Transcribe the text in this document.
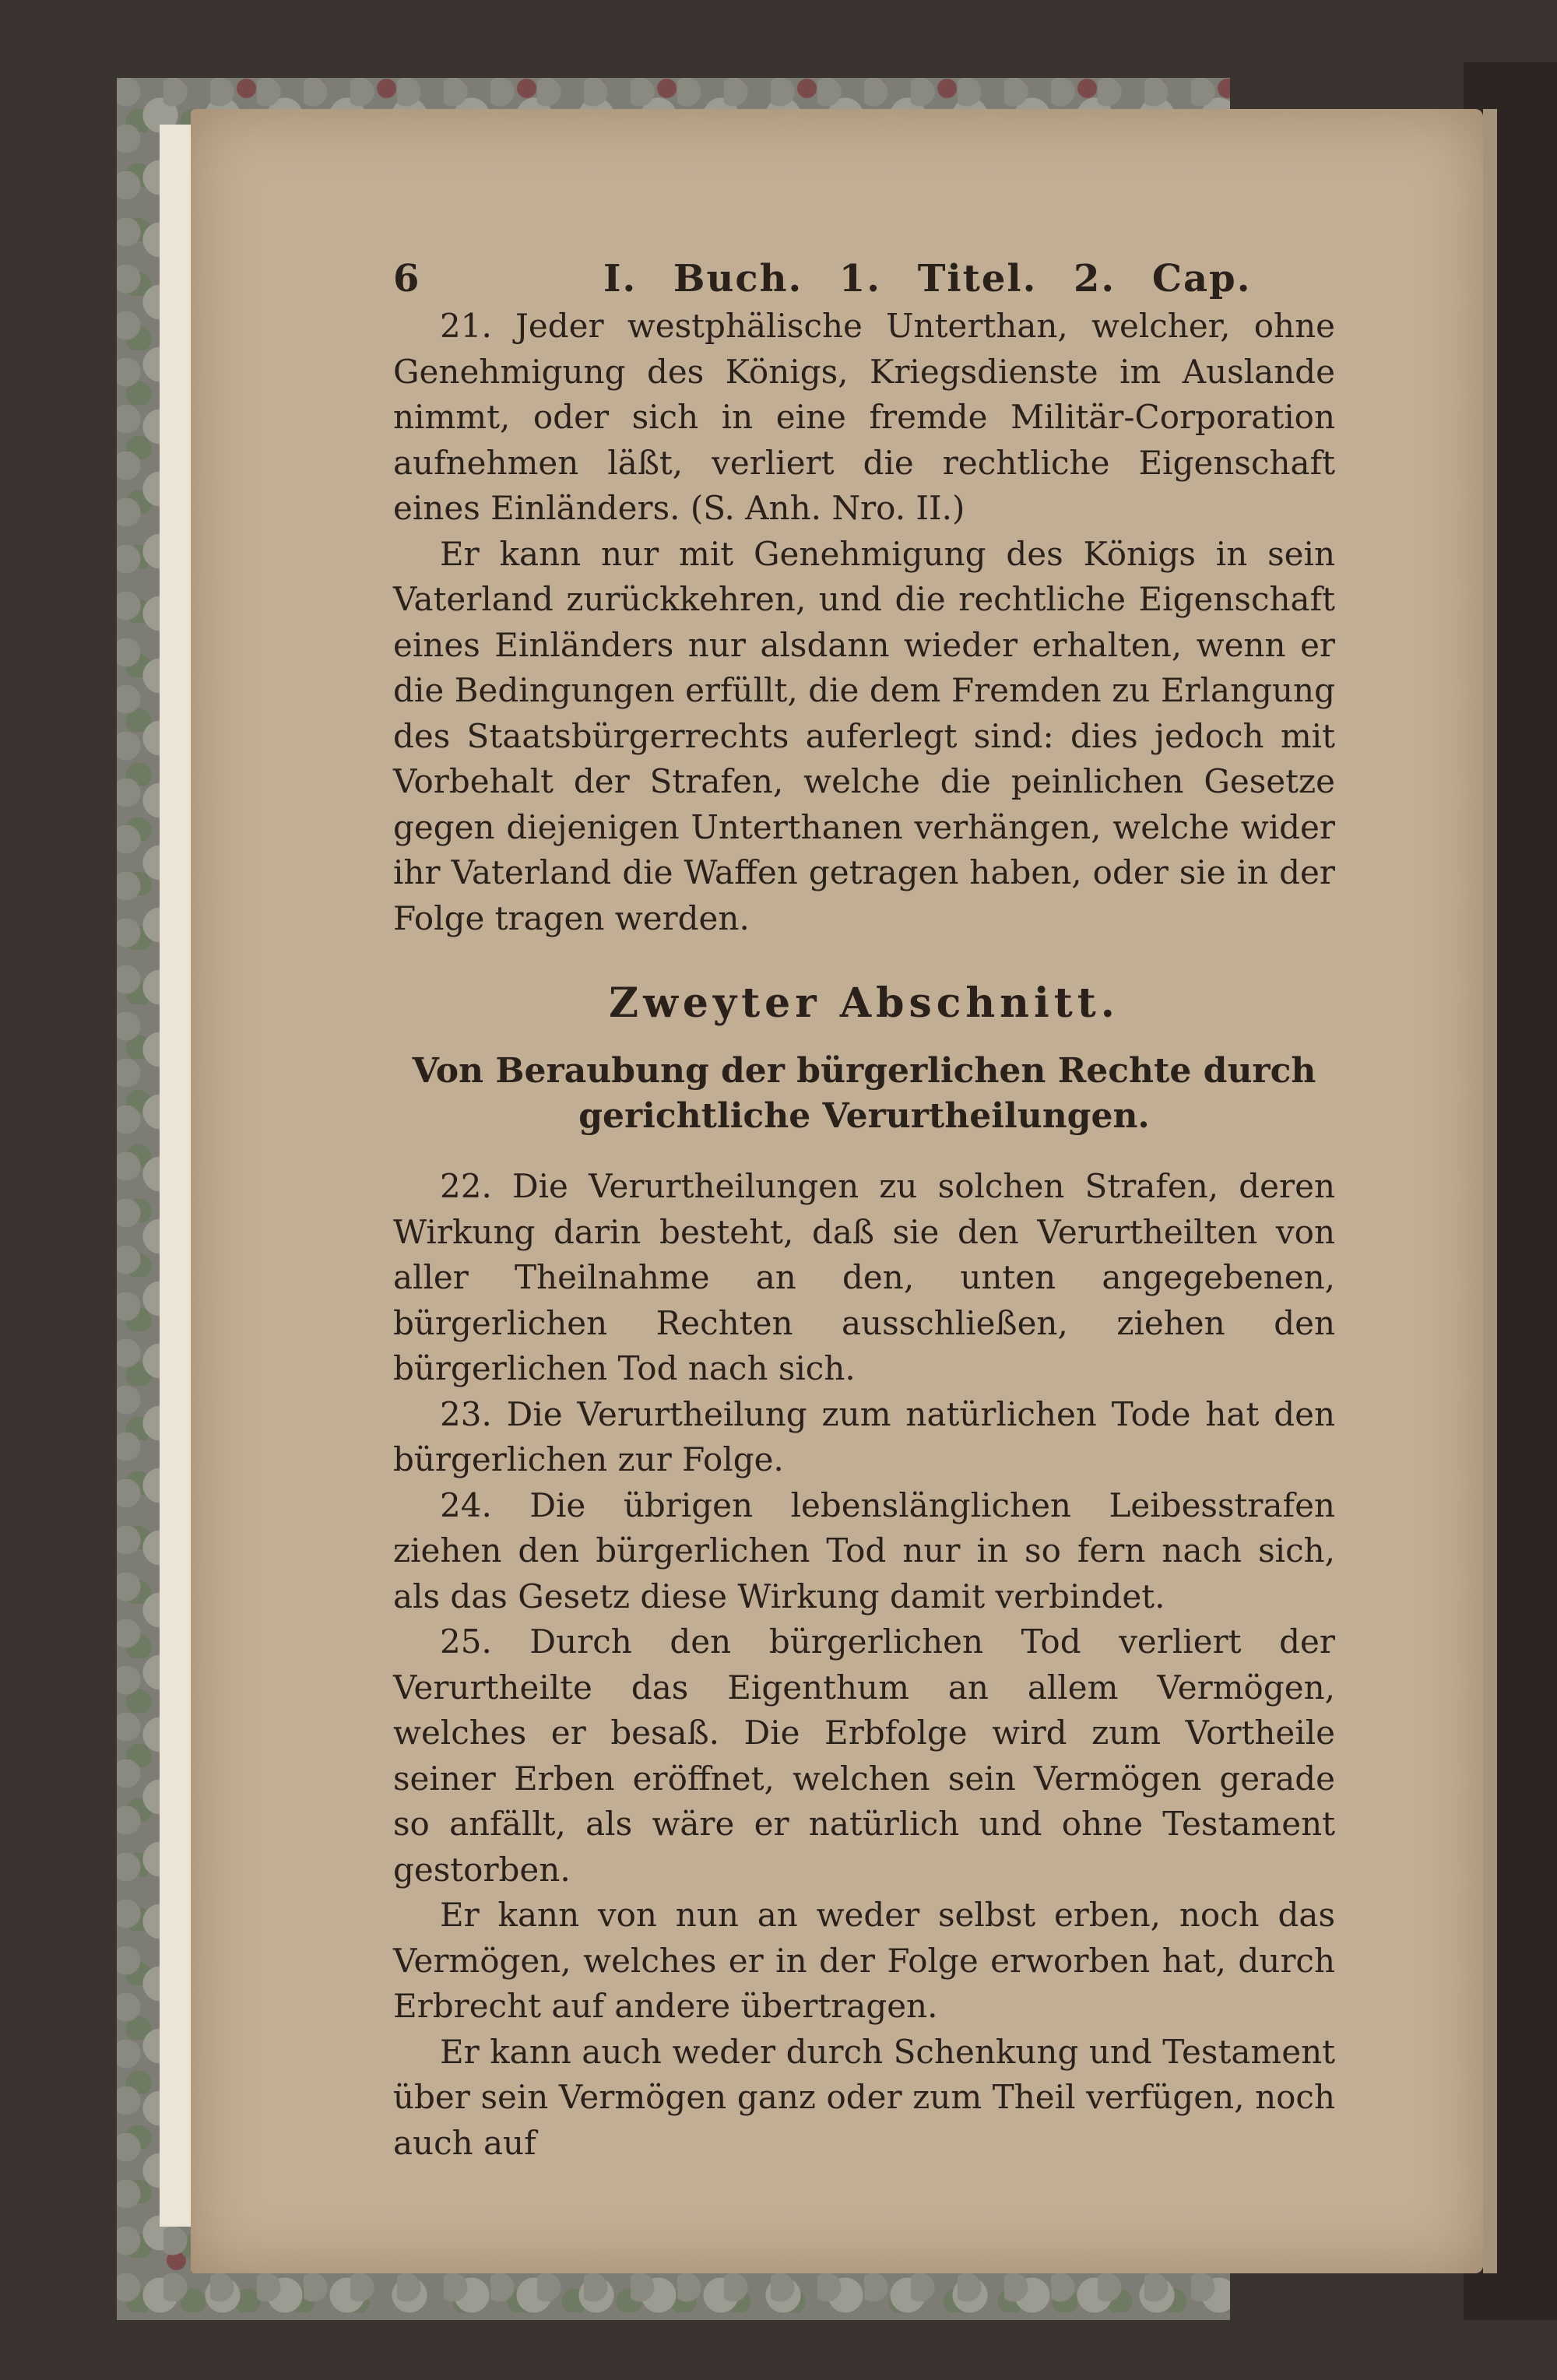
6	I. Buch. 1. Titel. 2. Cap.

21. Jeder westphälische Unterthan, welcher, ohne Genehmigung des Königs, Kriegsdienste im Auslande nimmt, oder sich in eine fremde Militär-Corporation aufnehmen läßt, verliert die rechtliche Eigenschaft eines Einländers. (S. Anh. Nro. II.)

Er kann nur mit Genehmigung des Königs in sein Vaterland zurückkehren, und die rechtliche Eigenschaft eines Einländers nur alsdann wieder erhalten, wenn er die Bedingungen erfüllt, die dem Fremden zu Erlangung des Staatsbürgerrechts auferlegt sind: dies jedoch mit Vorbehalt der Strafen, welche die peinlichen Gesetze gegen diejenigen Unterthanen verhängen, welche wider ihr Vaterland die Waffen getragen haben, oder sie in der Folge tragen werden.

Zweyter Abschnitt.
Von Beraubung der bürgerlichen Rechte durch gerichtliche Verurtheilungen.

22. Die Verurtheilungen zu solchen Strafen, deren Wirkung darin besteht, daß sie den Verurtheilten von aller Theilnahme an den, unten angegebenen, bürgerlichen Rechten ausschließen, ziehen den bürgerlichen Tod nach sich.

23. Die Verurtheilung zum natürlichen Tode hat den bürgerlichen zur Folge.

24. Die übrigen lebenslänglichen Leibesstrafen ziehen den bürgerlichen Tod nur in so fern nach sich, als das Gesetz diese Wirkung damit verbindet.

25. Durch den bürgerlichen Tod verliert der Verurtheilte das Eigenthum an allem Vermögen, welches er besaß. Die Erbfolge wird zum Vortheile seiner Erben eröffnet, welchen sein Vermögen gerade so anfällt, als wäre er natürlich und ohne Testament gestorben.

Er kann von nun an weder selbst erben, noch das Vermögen, welches er in der Folge erworben hat, durch Erbrecht auf andere übertragen.

Er kann auch weder durch Schenkung und Testament über sein Vermögen ganz oder zum Theil verfügen, noch auch auf
